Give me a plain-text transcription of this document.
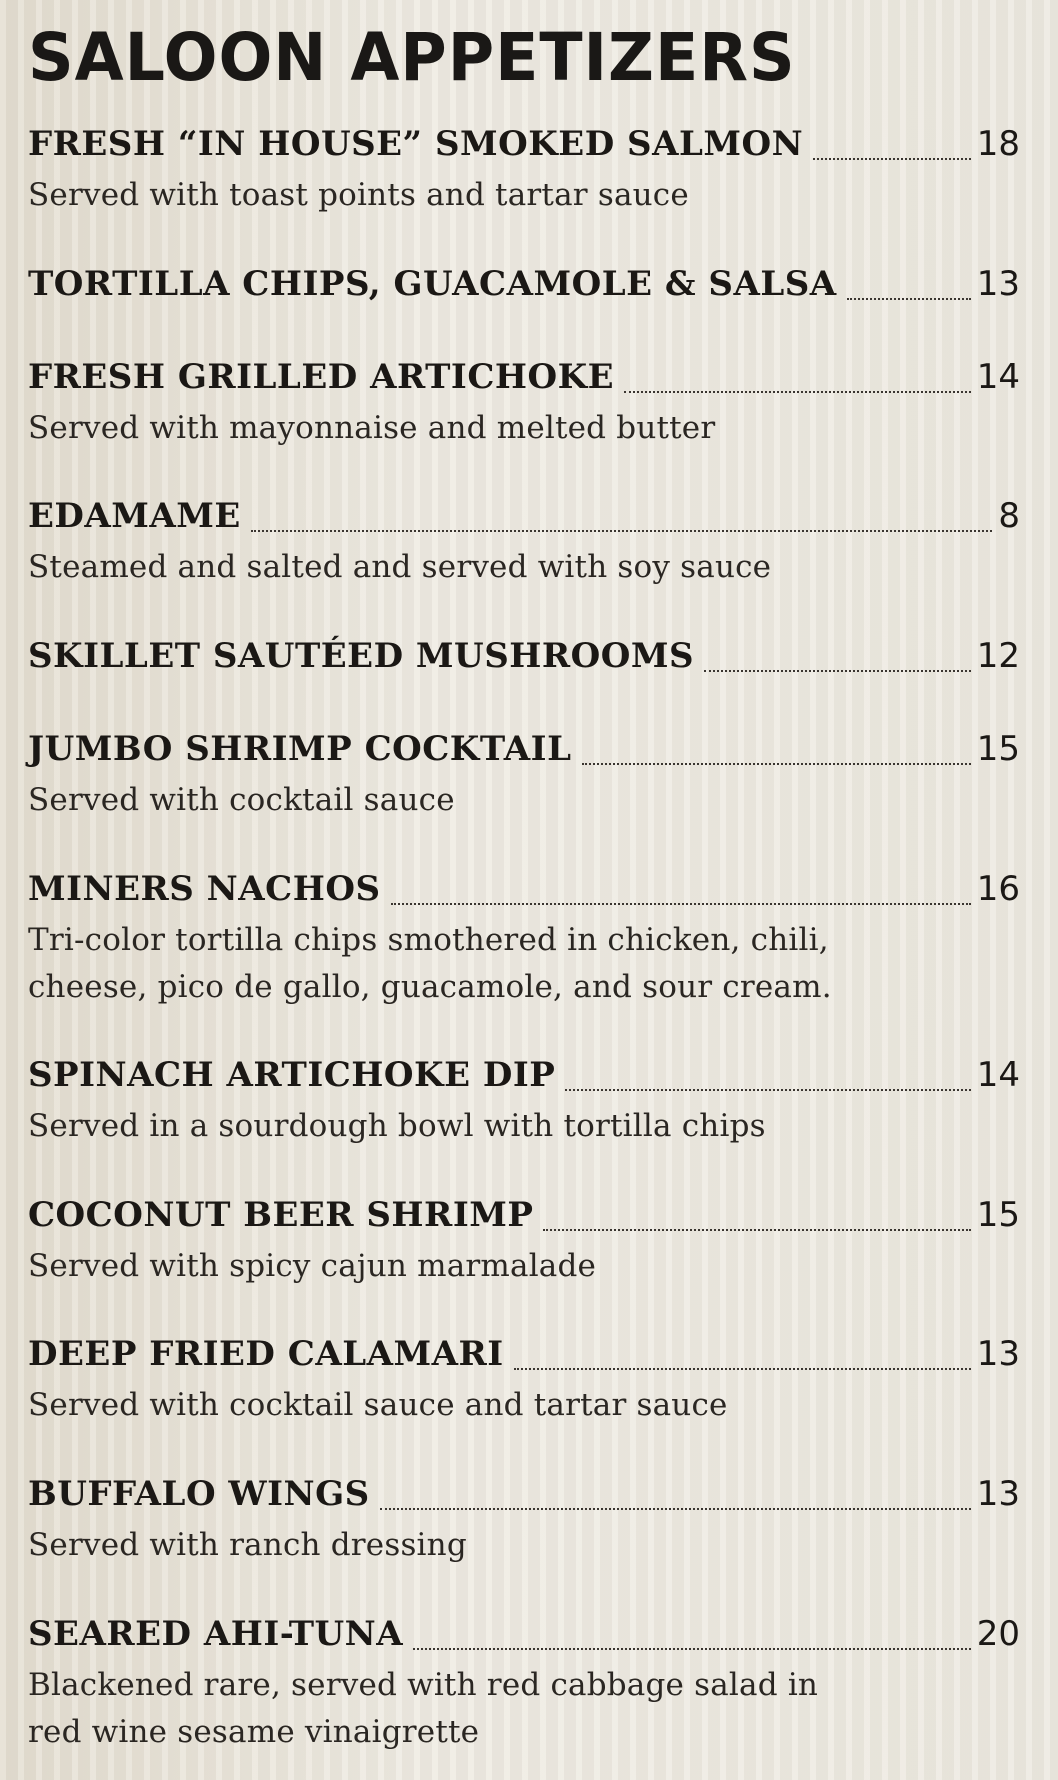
SALOON APPETIZERS
FRESH “IN HOUSE” SMOKED SALMON	18

Served with toast points and tartar sauce

TORTILLA CHIPS, GUACAMOLE & SALSA	13
FRESH GRILLED ARTICHOKE	14

Served with mayonnaise and melted butter

EDAMAME	8

Steamed and salted and served with soy sauce

SKILLET SAUTÉED MUSHROOMS	12
JUMBO SHRIMP COCKTAIL	15

Served with cocktail sauce

MINERS NACHOS	16

Tri-color tortilla chips smothered in chicken, chili,

cheese, pico de gallo, guacamole, and sour cream.

SPINACH ARTICHOKE DIP	14

Served in a sourdough bowl with tortilla chips

COCONUT BEER SHRIMP	15

Served with spicy cajun marmalade

DEEP FRIED CALAMARI	13

Served with cocktail sauce and tartar sauce

BUFFALO WINGS	13

Served with ranch dressing

SEARED AHI-TUNA	20

Blackened rare, served with red cabbage salad in

red wine sesame vinaigrette
